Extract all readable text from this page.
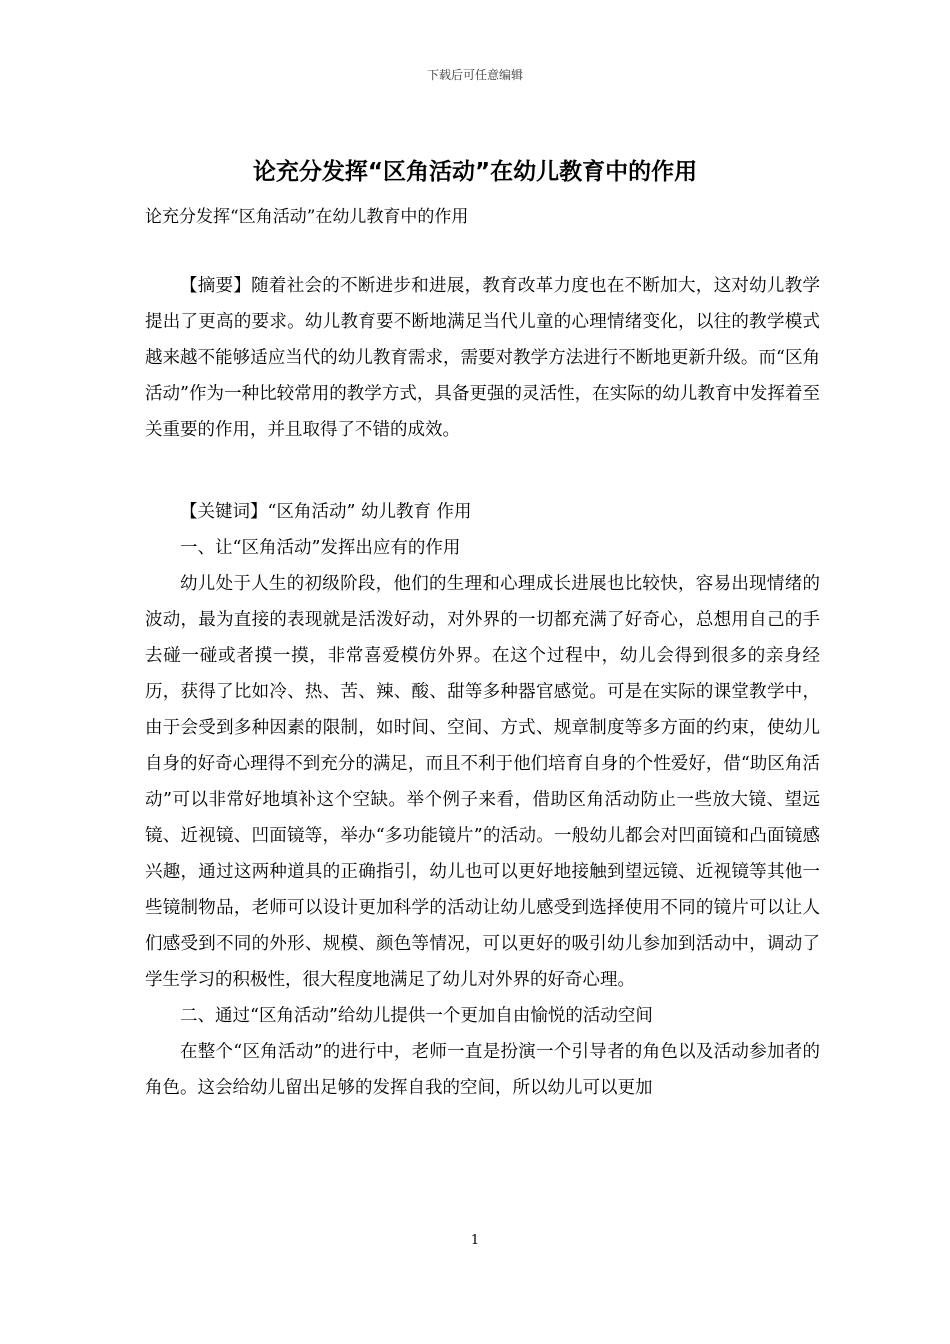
下载后可任意编辑
论充分发挥“区角活动”在幼儿教育中的作用
论充分发挥“区角活动”在幼儿教育中的作用

【摘要】随着社会的不断进步和进展，教育改革力度也在不断加大，这对幼儿教学提出了更高的要求。幼儿教育要不断地满足当代儿童的心理情绪变化，以往的教学模式越来越不能够适应当代的幼儿教育需求，需要对教学方法进行不断地更新升级。而“区角活动”作为一种比较常用的教学方式，具备更强的灵活性，在实际的幼儿教育中发挥着至关重要的作用，并且取得了不错的成效。

【关键词】“区角活动” 幼儿教育 作用

一、让“区角活动”发挥出应有的作用

幼儿处于人生的初级阶段，他们的生理和心理成长进展也比较快，容易出现情绪的波动，最为直接的表现就是活泼好动，对外界的一切都充满了好奇心，总想用自己的手去碰一碰或者摸一摸，非常喜爱模仿外界。在这个过程中，幼儿会得到很多的亲身经历，获得了比如冷、热、苦、辣、酸、甜等多种器官感觉。可是在实际的课堂教学中，由于会受到多种因素的限制，如时间、空间、方式、规章制度等多方面的约束，使幼儿自身的好奇心理得不到充分的满足，而且不利于他们培育自身的个性爱好，借“助区角活动”可以非常好地填补这个空缺。举个例子来看，借助区角活动防止一些放大镜、望远镜、近视镜、凹面镜等，举办“多功能镜片”的活动。一般幼儿都会对凹面镜和凸面镜感兴趣，通过这两种道具的正确指引，幼儿也可以更好地接触到望远镜、近视镜等其他一些镜制物品，老师可以设计更加科学的活动让幼儿感受到选择使用不同的镜片可以让人们感受到不同的外形、规模、颜色等情况，可以更好的吸引幼儿参加到活动中，调动了学生学习的积极性，很大程度地满足了幼儿对外界的好奇心理。

二、通过“区角活动”给幼儿提供一个更加自由愉悦的活动空间

在整个“区角活动”的进行中，老师一直是扮演一个引导者的角色以及活动参加者的角色。这会给幼儿留出足够的发挥自我的空间，所以幼儿可以更加

1
